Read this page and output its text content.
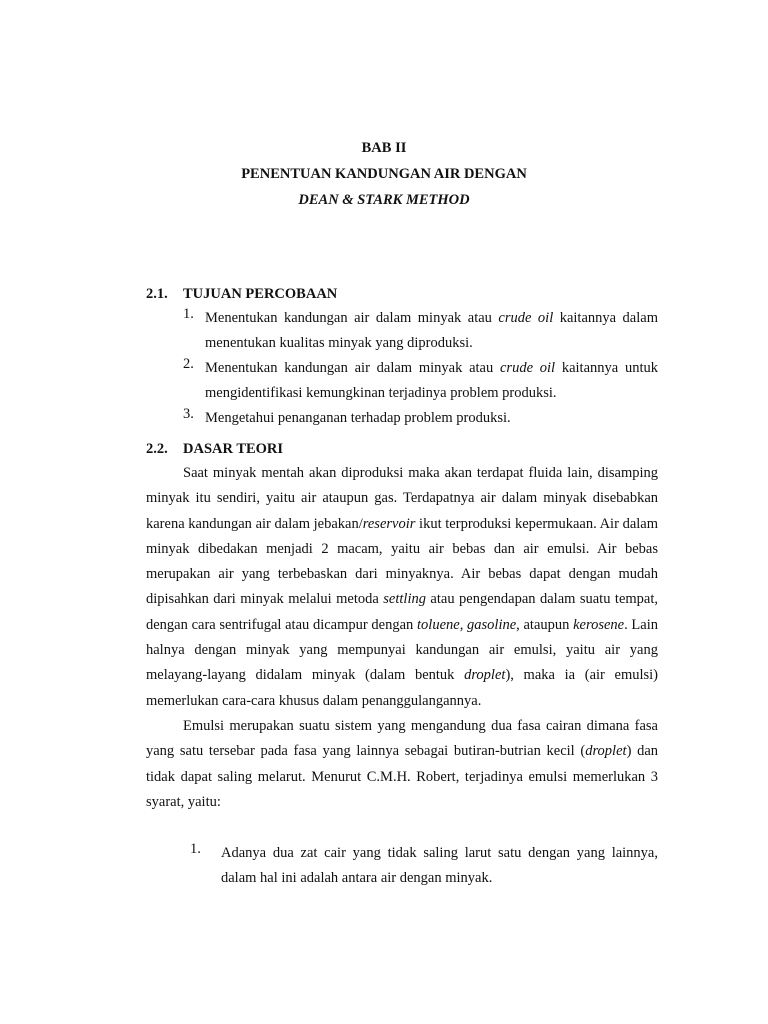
BAB II
PENENTUAN KANDUNGAN AIR DENGAN
DEAN & STARK METHOD
2.1.	TUJUAN PERCOBAAN
1. Menentukan kandungan air dalam minyak atau crude oil kaitannya dalam menentukan kualitas minyak yang diproduksi.
2. Menentukan kandungan air dalam minyak atau crude oil kaitannya untuk mengidentifikasi kemungkinan terjadinya problem produksi.
3. Mengetahui penanganan terhadap problem produksi.
2.2.	DASAR TEORI

Saat minyak mentah akan diproduksi maka akan terdapat fluida lain, disamping minyak itu sendiri, yaitu air ataupun gas. Terdapatnya air dalam minyak disebabkan karena kandungan air dalam jebakan/reservoir ikut terproduksi kepermukaan. Air dalam minyak dibedakan menjadi 2 macam, yaitu air bebas dan air emulsi. Air bebas merupakan air yang terbebaskan dari minyaknya. Air bebas dapat dengan mudah dipisahkan dari minyak melalui metoda settling atau pengendapan dalam suatu tempat, dengan cara sentrifugal atau dicampur dengan toluene, gasoline, ataupun kerosene. Lain halnya dengan minyak yang mempunyai kandungan air emulsi, yaitu air yang melayang-layang didalam minyak (dalam bentuk droplet), maka ia (air emulsi) memerlukan cara-cara khusus dalam penanggulangannya.

Emulsi merupakan suatu sistem yang mengandung dua fasa cairan dimana fasa yang satu tersebar pada fasa yang lainnya sebagai butiran-butrian kecil (droplet) dan tidak dapat saling melarut. Menurut C.M.H. Robert, terjadinya emulsi memerlukan 3 syarat, yaitu:

1.	Adanya dua zat cair yang tidak saling larut satu dengan yang lainnya, dalam hal ini adalah antara air dengan minyak.
